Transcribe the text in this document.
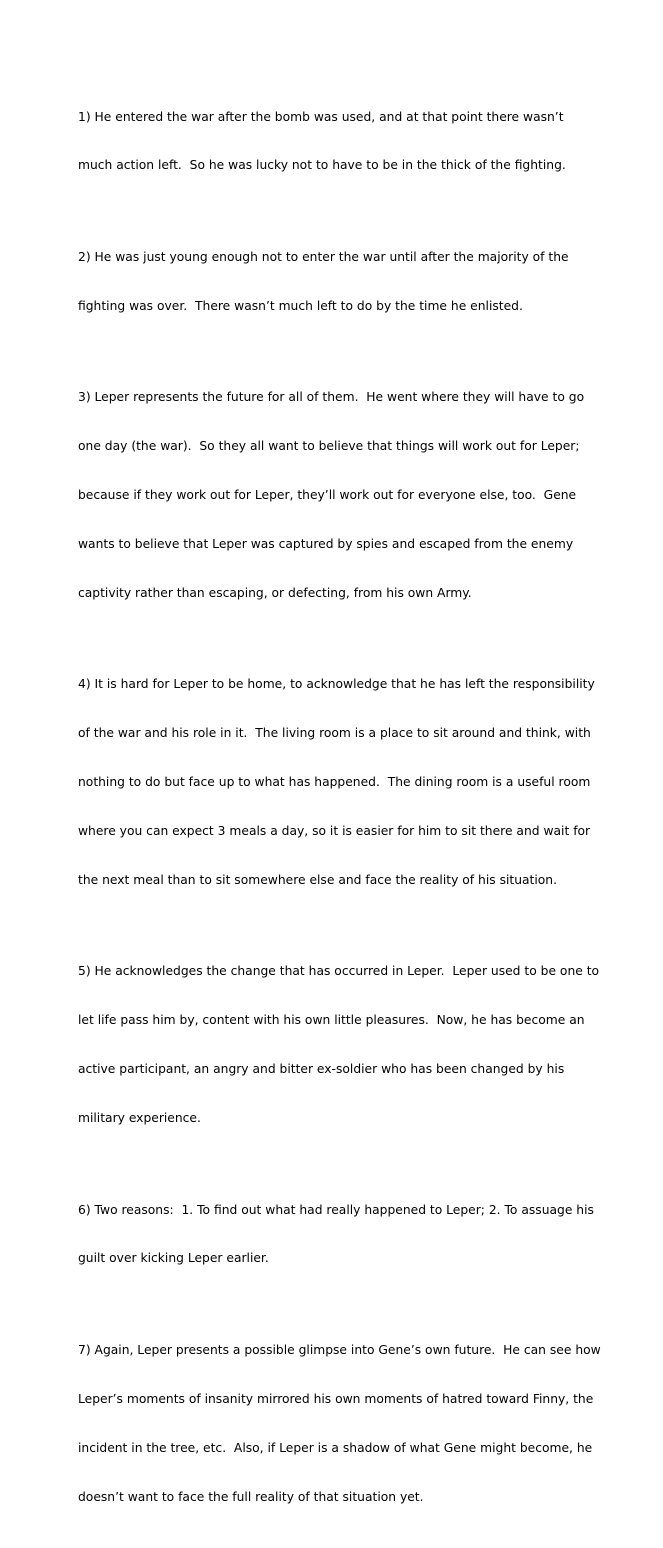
1) He entered the war after the bomb was used, and at that point there wasn’t

much action left.  So he was lucky not to have to be in the thick of the fighting.

2) He was just young enough not to enter the war until after the majority of the

fighting was over.  There wasn’t much left to do by the time he enlisted.

3) Leper represents the future for all of them.  He went where they will have to go

one day (the war).  So they all want to believe that things will work out for Leper;

because if they work out for Leper, they’ll work out for everyone else, too.  Gene

wants to believe that Leper was captured by spies and escaped from the enemy

captivity rather than escaping, or defecting, from his own Army.

4) It is hard for Leper to be home, to acknowledge that he has left the responsibility

of the war and his role in it.  The living room is a place to sit around and think, with

nothing to do but face up to what has happened.  The dining room is a useful room

where you can expect 3 meals a day, so it is easier for him to sit there and wait for

the next meal than to sit somewhere else and face the reality of his situation.

5) He acknowledges the change that has occurred in Leper.  Leper used to be one to

let life pass him by, content with his own little pleasures.  Now, he has become an

active participant, an angry and bitter ex-soldier who has been changed by his

military experience.

6) Two reasons:  1. To find out what had really happened to Leper; 2. To assuage his

guilt over kicking Leper earlier.

7) Again, Leper presents a possible glimpse into Gene’s own future.  He can see how

Leper’s moments of insanity mirrored his own moments of hatred toward Finny, the

incident in the tree, etc.  Also, if Leper is a shadow of what Gene might become, he

doesn’t want to face the full reality of that situation yet.
